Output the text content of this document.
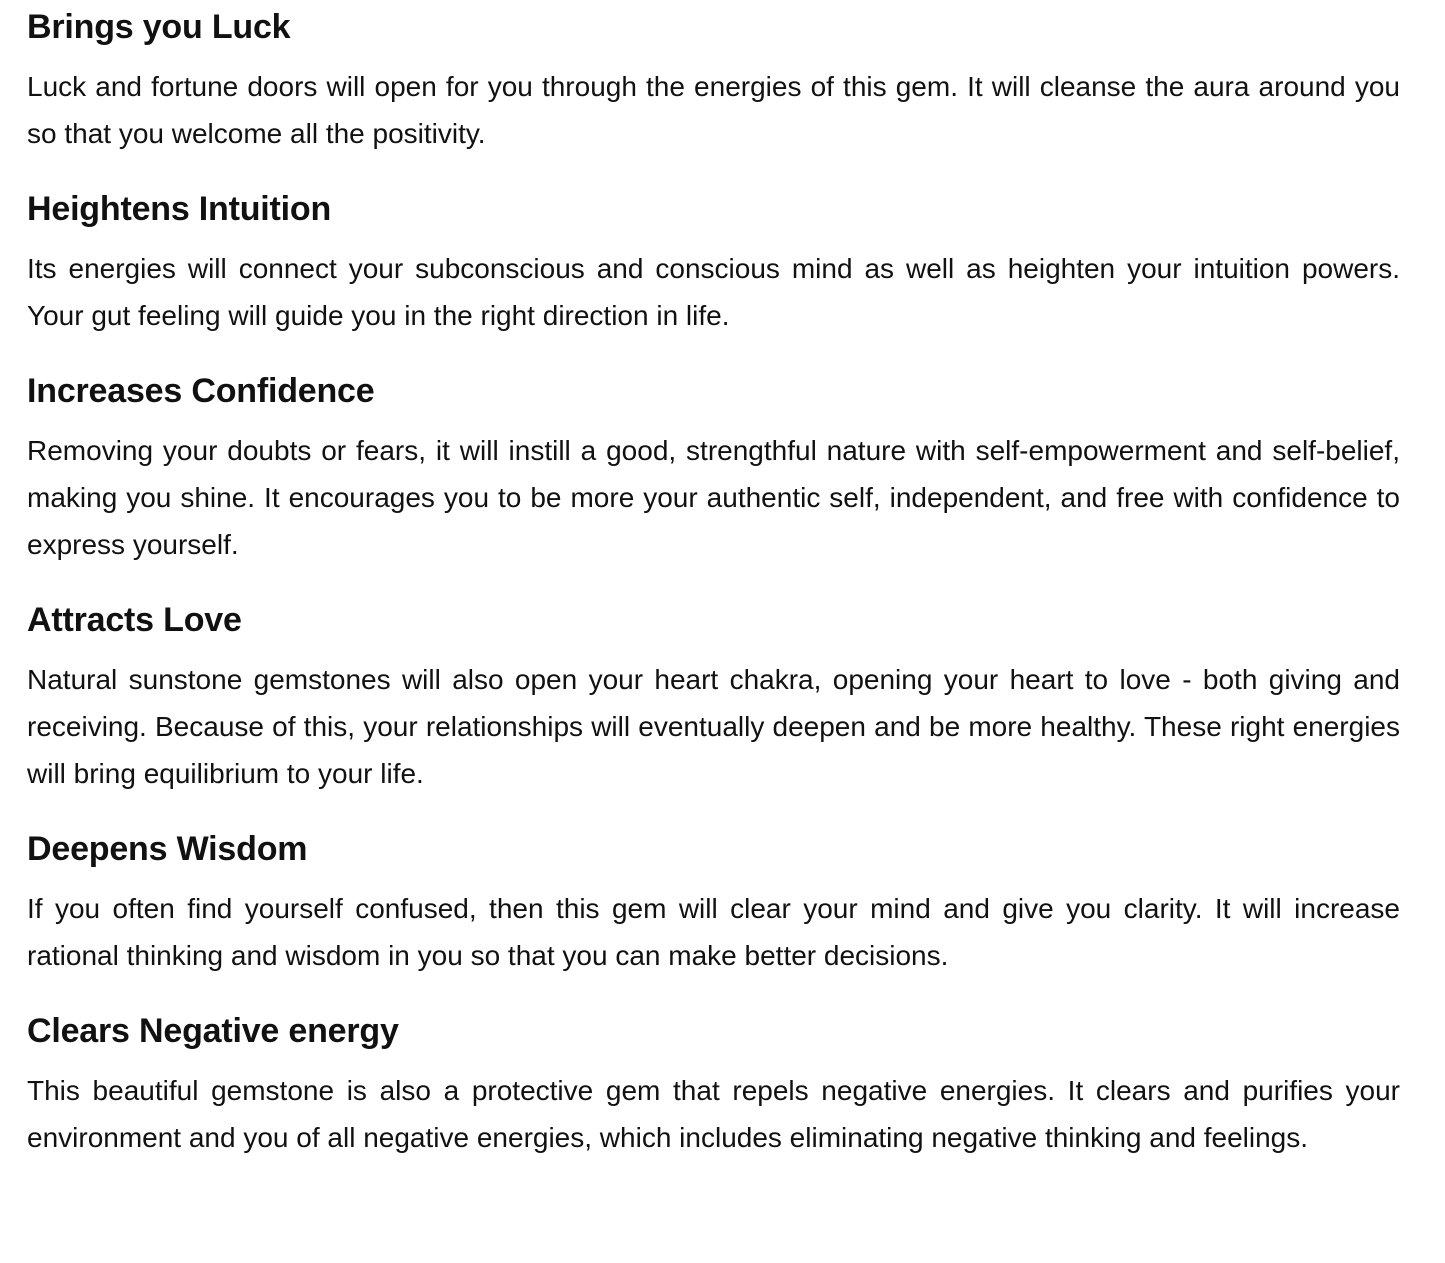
Brings you Luck

Luck and fortune doors will open for you through the energies of this gem. It will cleanse the aura around you so that you welcome all the positivity.

Heightens Intuition

Its energies will connect your subconscious and conscious mind as well as heighten your intuition powers. Your gut feeling will guide you in the right direction in life.

Increases Confidence

Removing your doubts or fears, it will instill a good, strengthful nature with self-empowerment and self-belief, making you shine. It encourages you to be more your authentic self, independent, and free with confidence to express yourself.

Attracts Love

Natural sunstone gemstones will also open your heart chakra, opening your heart to love - both giving and receiving. Because of this, your relationships will eventually deepen and be more healthy. These right energies will bring equilibrium to your life.

Deepens Wisdom

If you often find yourself confused, then this gem will clear your mind and give you clarity. It will increase rational thinking and wisdom in you so that you can make better decisions.

Clears Negative energy

This beautiful gemstone is also a protective gem that repels negative energies. It clears and purifies your environment and you of all negative energies, which includes eliminating negative thinking and feelings.
